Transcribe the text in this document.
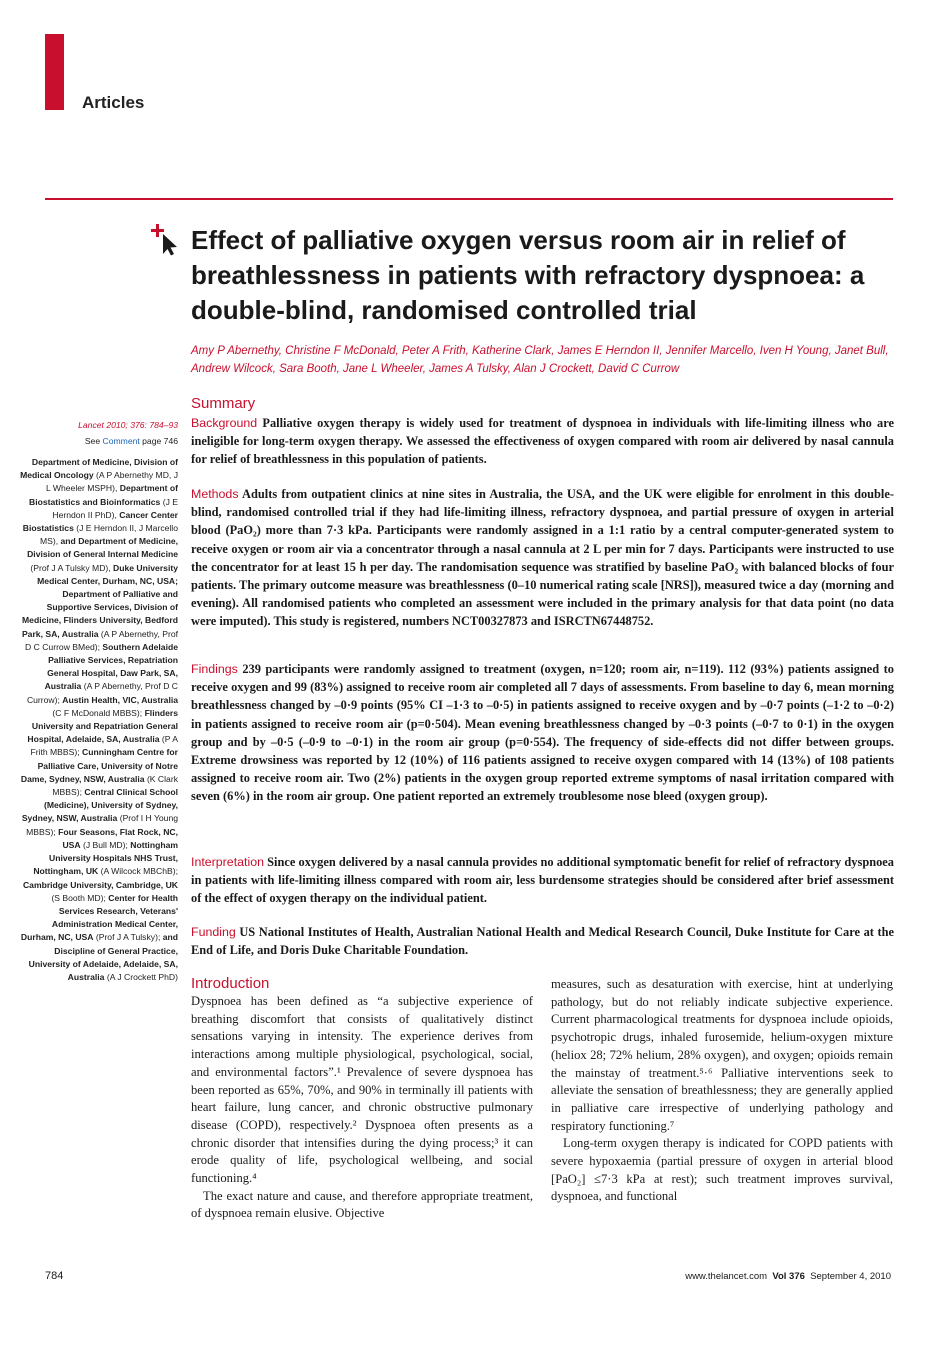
Articles
Effect of palliative oxygen versus room air in relief of breathlessness in patients with refractory dyspnoea: a double-blind, randomised controlled trial
Amy P Abernethy, Christine F McDonald, Peter A Frith, Katherine Clark, James E Herndon II, Jennifer Marcello, Iven H Young, Janet Bull, Andrew Wilcock, Sara Booth, Jane L Wheeler, James A Tulsky, Alan J Crockett, David C Currow
Lancet 2010; 376: 784–93
See Comment page 746
Department of Medicine, Division of Medical Oncology (A P Abernethy MD, J L Wheeler MSPH), Department of Biostatistics and Bioinformatics (J E Herndon II PhD), Cancer Center Biostatistics (J E Herndon II, J Marcello MS), and Department of Medicine, Division of General Internal Medicine (Prof J A Tulsky MD), Duke University Medical Center, Durham, NC, USA; Department of Palliative and Supportive Services, Division of Medicine, Flinders University, Bedford Park, SA, Australia (A P Abernethy, Prof D C Currow BMed); Southern Adelaide Palliative Services, Repatriation General Hospital, Daw Park, SA, Australia (A P Abernethy, Prof D C Currow); Austin Health, VIC, Australia (C F McDonald MBBS); Flinders University and Repatriation General Hospital, Adelaide, SA, Australia (P A Frith MBBS); Cunningham Centre for Palliative Care, University of Notre Dame, Sydney, NSW, Australia (K Clark MBBS); Central Clinical School (Medicine), University of Sydney, Sydney, NSW, Australia (Prof I H Young MBBS); Four Seasons, Flat Rock, NC, USA (J Bull MD); Nottingham University Hospitals NHS Trust, Nottingham, UK (A Wilcock MBChB); Cambridge University, Cambridge, UK (S Booth MD); Center for Health Services Research, Veterans' Administration Medical Center, Durham, NC, USA (Prof J A Tulsky); and Discipline of General Practice, University of Adelaide, Adelaide, SA, Australia (A J Crockett PhD)
Summary

Background Palliative oxygen therapy is widely used for treatment of dyspnoea in individuals with life-limiting illness who are ineligible for long-term oxygen therapy. We assessed the effectiveness of oxygen compared with room air delivered by nasal cannula for relief of breathlessness in this population of patients.

Methods Adults from outpatient clinics at nine sites in Australia, the USA, and the UK were eligible for enrolment in this double-blind, randomised controlled trial if they had life-limiting illness, refractory dyspnoea, and partial pressure of oxygen in arterial blood (PaO₂) more than 7·3 kPa. Participants were randomly assigned in a 1:1 ratio by a central computer-generated system to receive oxygen or room air via a concentrator through a nasal cannula at 2 L per min for 7 days. Participants were instructed to use the concentrator for at least 15 h per day. The randomisation sequence was stratified by baseline PaO₂ with balanced blocks of four patients. The primary outcome measure was breathlessness (0–10 numerical rating scale [NRS]), measured twice a day (morning and evening). All randomised patients who completed an assessment were included in the primary analysis for that data point (no data were imputed). This study is registered, numbers NCT00327873 and ISRCTN67448752.

Findings 239 participants were randomly assigned to treatment (oxygen, n=120; room air, n=119). 112 (93%) patients assigned to receive oxygen and 99 (83%) assigned to receive room air completed all 7 days of assessments. From baseline to day 6, mean morning breathlessness changed by –0·9 points (95% CI –1·3 to –0·5) in patients assigned to receive oxygen and by –0·7 points (–1·2 to –0·2) in patients assigned to receive room air (p=0·504). Mean evening breathlessness changed by –0·3 points (–0·7 to 0·1) in the oxygen group and by –0·5 (–0·9 to –0·1) in the room air group (p=0·554). The frequency of side-effects did not differ between groups. Extreme drowsiness was reported by 12 (10%) of 116 patients assigned to receive oxygen compared with 14 (13%) of 108 patients assigned to receive room air. Two (2%) patients in the oxygen group reported extreme symptoms of nasal irritation compared with seven (6%) in the room air group. One patient reported an extremely troublesome nose bleed (oxygen group).

Interpretation Since oxygen delivered by a nasal cannula provides no additional symptomatic benefit for relief of refractory dyspnoea in patients with life-limiting illness compared with room air, less burdensome strategies should be considered after brief assessment of the effect of oxygen therapy on the individual patient.

Funding US National Institutes of Health, Australian National Health and Medical Research Council, Duke Institute for Care at the End of Life, and Doris Duke Charitable Foundation.

Introduction

Dyspnoea has been defined as “a subjective experience of breathing discomfort that consists of qualitatively distinct sensations varying in intensity. The experience derives from interactions among multiple physiological, psychological, social, and environmental factors”.¹ Prevalence of severe dyspnoea has been reported as 65%, 70%, and 90% in terminally ill patients with heart failure, lung cancer, and chronic obstructive pulmonary disease (COPD), respectively.² Dyspnoea often presents as a chronic disorder that intensifies during the dying process;³ it can erode quality of life, psychological wellbeing, and social functioning.⁴

The exact nature and cause, and therefore appropriate treatment, of dyspnoea remain elusive. Objective

measures, such as desaturation with exercise, hint at underlying pathology, but do not reliably indicate subjective experience. Current pharmacological treatments for dyspnoea include opioids, psychotropic drugs, inhaled furosemide, helium-oxygen mixture (heliox 28; 72% helium, 28% oxygen), and oxygen; opioids remain the mainstay of treatment.⁵·⁶ Palliative interventions seek to alleviate the sensation of breathlessness; they are generally applied in palliative care irrespective of underlying pathology and respiratory functioning.⁷

Long-term oxygen therapy is indicated for COPD patients with severe hypoxaemia (partial pressure of oxygen in arterial blood [PaO₂] ≤7·3 kPa at rest); such treatment improves survival, dyspnoea, and functional

784	www.thelancet.com Vol 376 September 4, 2010
